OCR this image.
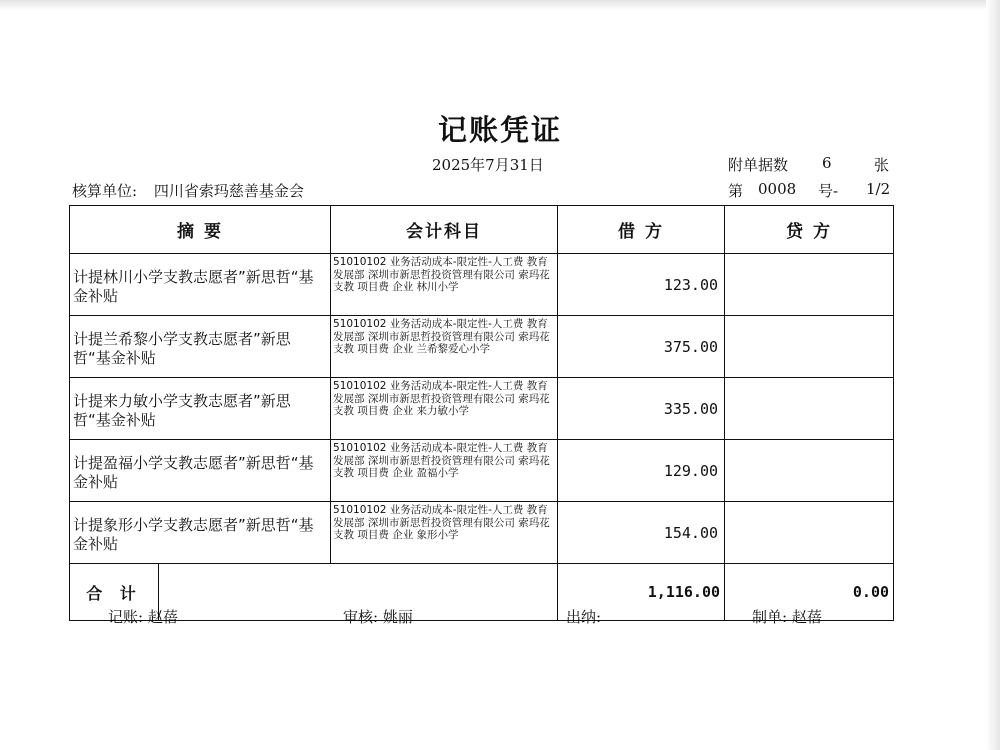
记账凭证
2025年7月31日	附单据数 6	张
核算单位: 四川省索玛慈善基金会	第 0008 号- 1/2
摘 要		会计科目	借 方	贷 方
计提林川小学支教志愿者”新思哲“基金补贴		51010102 业务活动成本-限定性-人工费 教育发展部 深圳市新思哲投资管理有限公司 索玛花支教 项目费 企业 林川小学	123.00	
计提兰希黎小学支教志愿者”新思哲“基金补贴		51010102 业务活动成本-限定性-人工费 教育发展部 深圳市新思哲投资管理有限公司 索玛花支教 项目费 企业 兰希黎爱心小学	375.00	
计提来力敏小学支教志愿者”新思哲“基金补贴		51010102 业务活动成本-限定性-人工费 教育发展部 深圳市新思哲投资管理有限公司 索玛花支教 项目费 企业 来力敏小学	335.00	
计提盈福小学支教志愿者”新思哲“基金补贴		51010102 业务活动成本-限定性-人工费 教育发展部 深圳市新思哲投资管理有限公司 索玛花支教 项目费 企业 盈福小学	129.00	
计提象形小学支教志愿者”新思哲“基金补贴		51010102 业务活动成本-限定性-人工费 教育发展部 深圳市新思哲投资管理有限公司 索玛花支教 项目费 企业 象形小学	154.00	
合 计			1,116.00	0.00
记账: 赵蓓	审核: 姚丽	出纳:	制单: 赵蓓
